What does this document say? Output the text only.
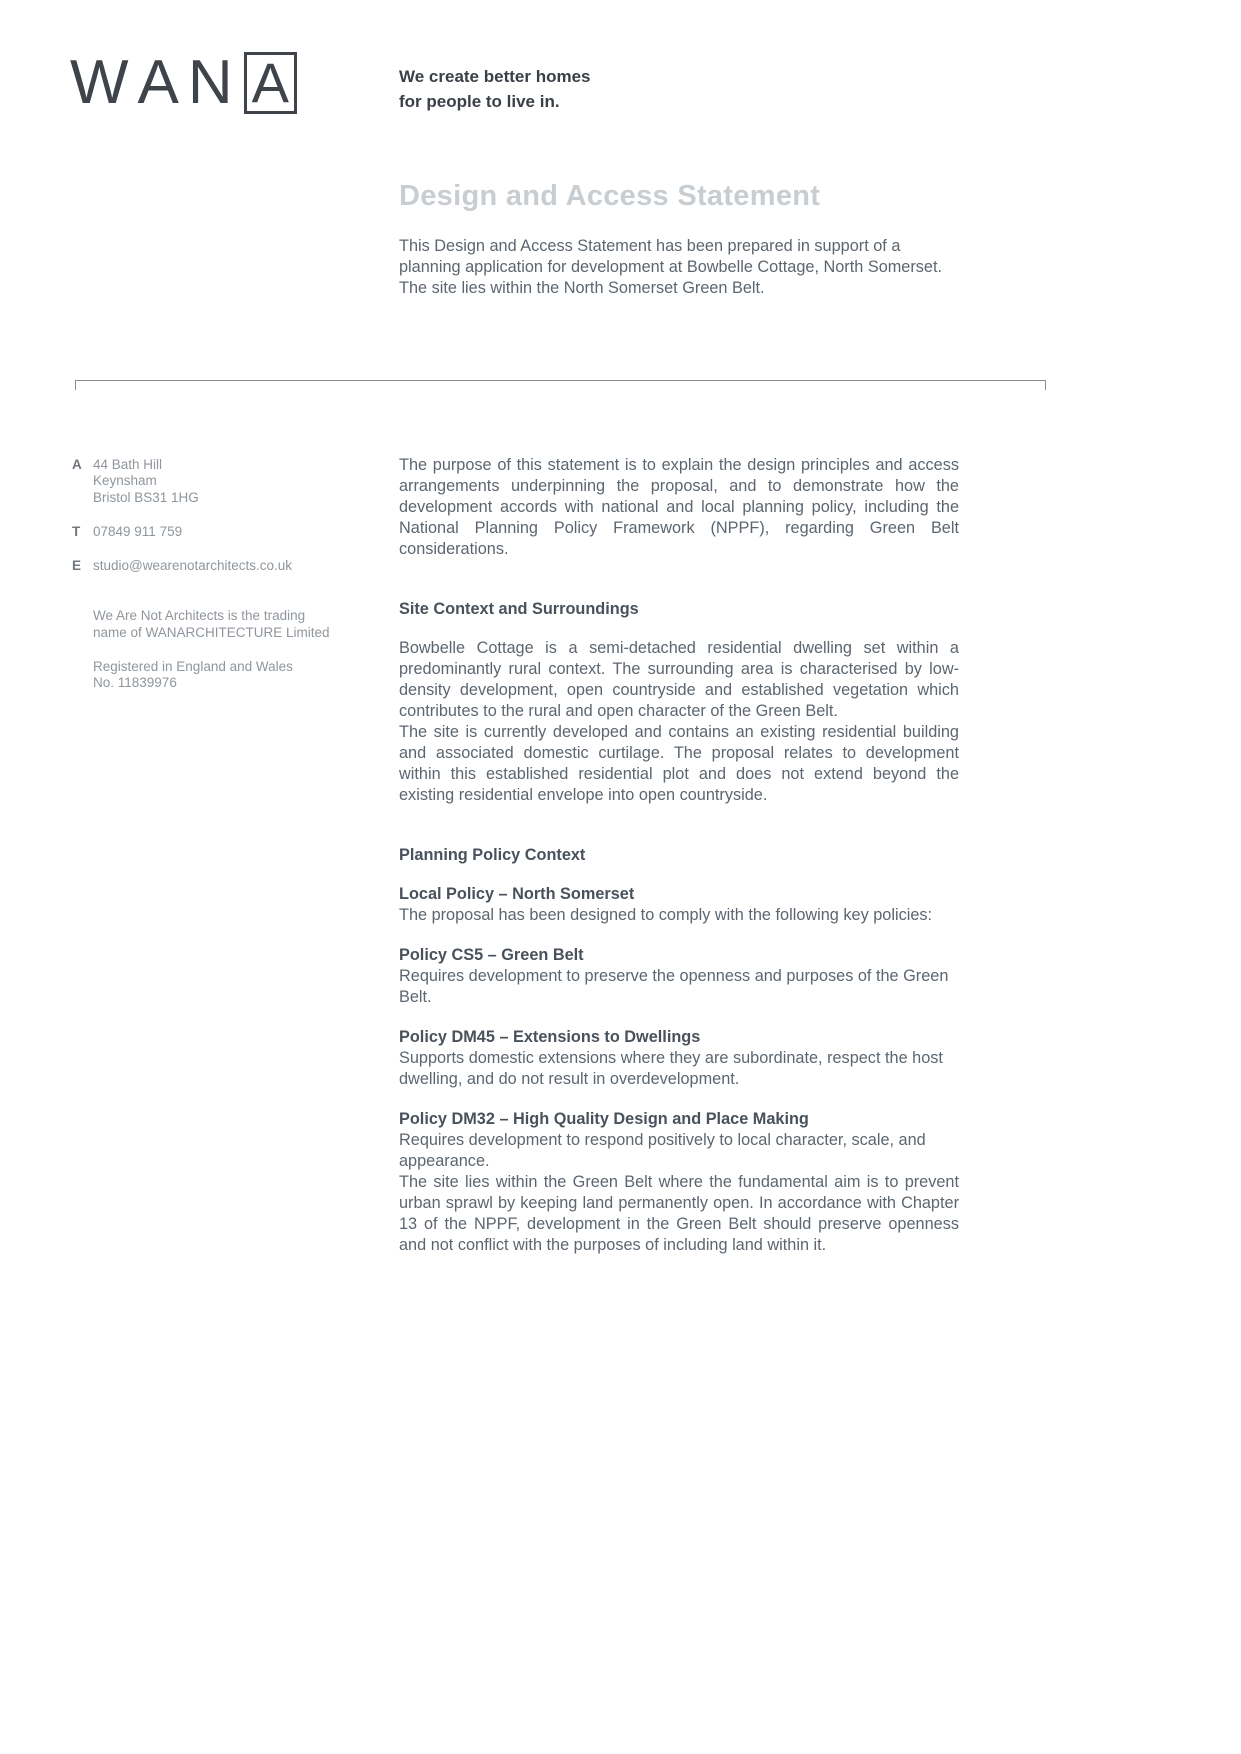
W A N A	We create better homes
for people to live in.
Design and Access Statement

This Design and Access Statement has been prepared in support of a planning application for development at Bowbelle Cottage, North Somerset. The site lies within the North Somerset Green Belt.

A 44 Bath Hill
Keynsham
Bristol BS31 1HG
T 07849 911 759
E studio@wearenotarchitects.co.uk
We Are Not Architects is the trading
name of WANARCHITECTURE Limited
Registered in England and Wales
No. 11839976

The purpose of this statement is to explain the design principles and access arrangements underpinning the proposal, and to demonstrate how the development accords with national and local planning policy, including the National Planning Policy Framework (NPPF), regarding Green Belt considerations.

Site Context and Surroundings

Bowbelle Cottage is a semi-detached residential dwelling set within a predominantly rural context. The surrounding area is characterised by low-density development, open countryside and established vegetation which contributes to the rural and open character of the Green Belt.

The site is currently developed and contains an existing residential building and associated domestic curtilage. The proposal relates to development within this established residential plot and does not extend beyond the existing residential envelope into open countryside.

Planning Policy Context
Local Policy – North Somerset

The proposal has been designed to comply with the following key policies:

Policy CS5 – Green Belt

Requires development to preserve the openness and purposes of the Green Belt.

Policy DM45 – Extensions to Dwellings

Supports domestic extensions where they are subordinate, respect the host dwelling, and do not result in overdevelopment.

Policy DM32 – High Quality Design and Place Making

Requires development to respond positively to local character, scale, and appearance.

The site lies within the Green Belt where the fundamental aim is to prevent urban sprawl by keeping land permanently open. In accordance with Chapter 13 of the NPPF, development in the Green Belt should preserve openness and not conflict with the purposes of including land within it.
